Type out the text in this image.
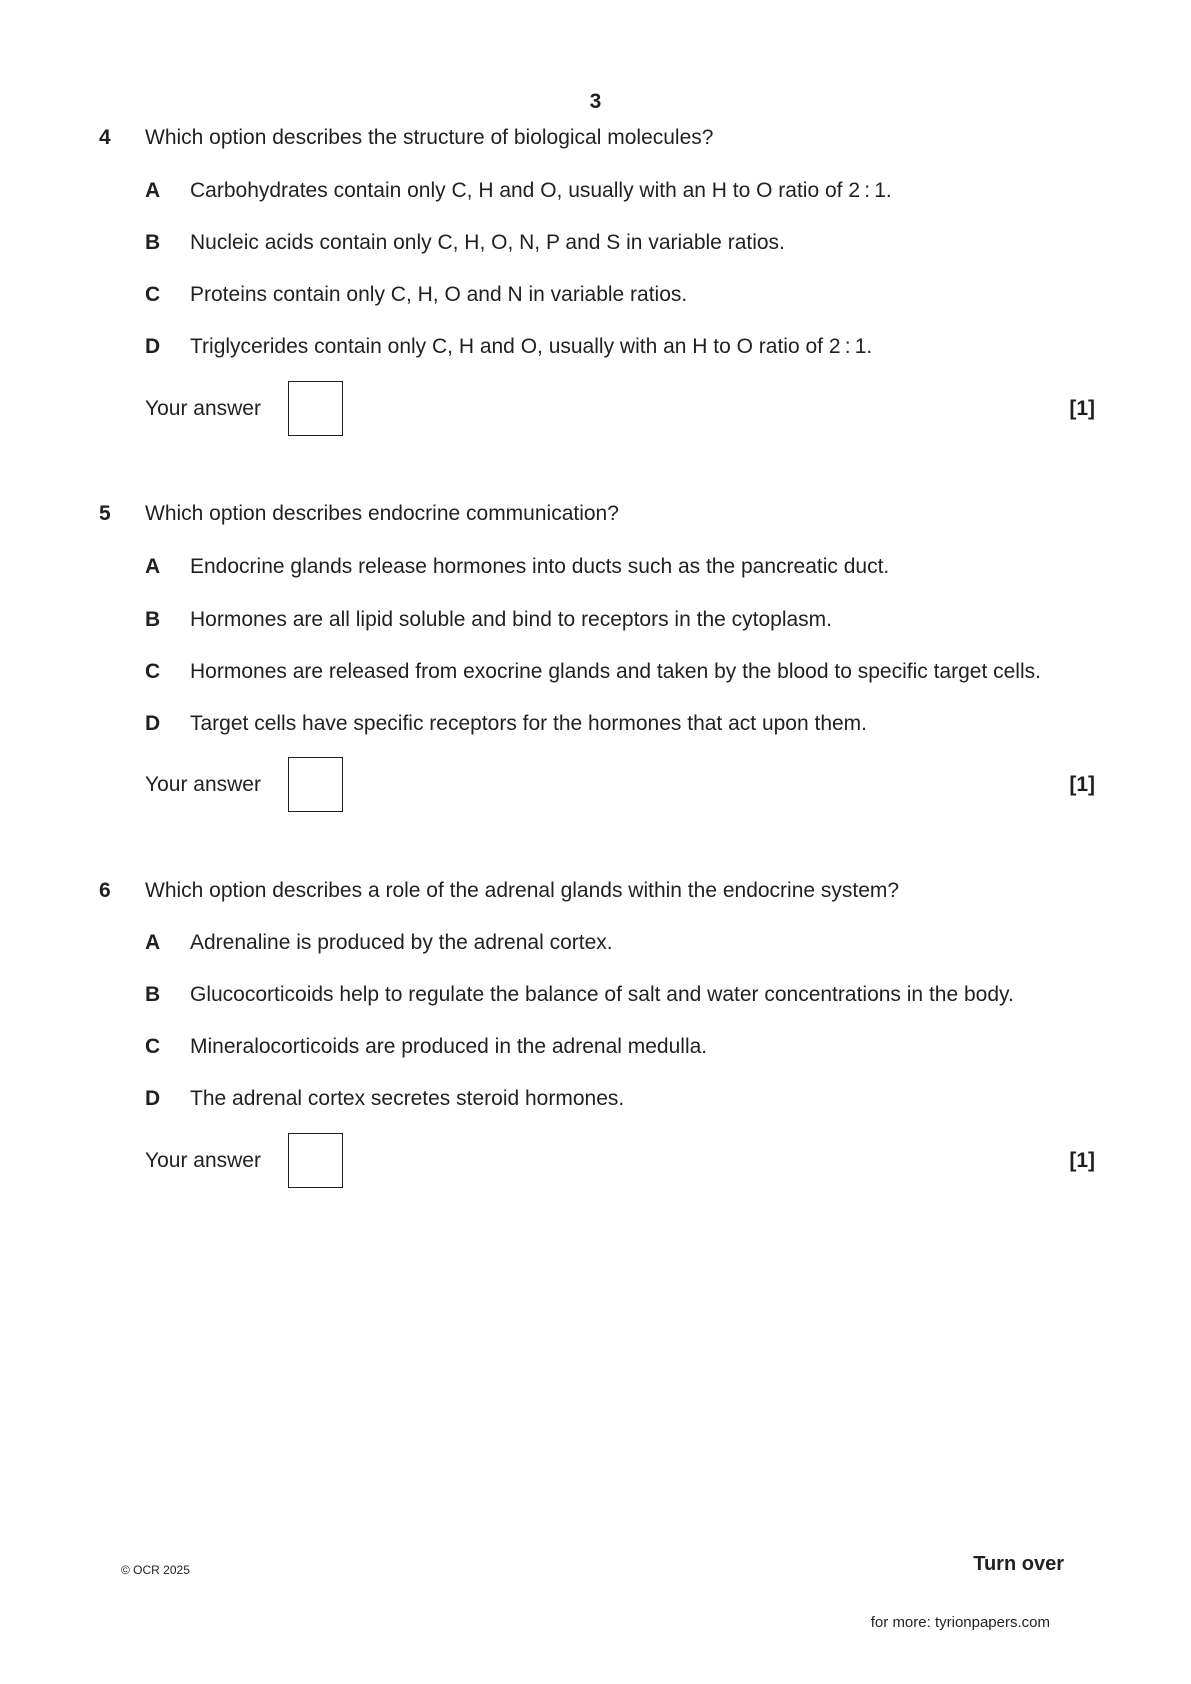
3
4 Which option describes the structure of biological molecules?
A Carbohydrates contain only C, H and O, usually with an H to O ratio of 2 : 1.
B Nucleic acids contain only C, H, O, N, P and S in variable ratios.
C Proteins contain only C, H, O and N in variable ratios.
D Triglycerides contain only C, H and O, usually with an H to O ratio of 2 : 1.
Your answer	[1]
5 Which option describes endocrine communication?
A Endocrine glands release hormones into ducts such as the pancreatic duct.
B Hormones are all lipid soluble and bind to receptors in the cytoplasm.
C Hormones are released from exocrine glands and taken by the blood to specific target cells.
D Target cells have specific receptors for the hormones that act upon them.
Your answer	[1]
6 Which option describes a role of the adrenal glands within the endocrine system?
A Adrenaline is produced by the adrenal cortex.
B Glucocorticoids help to regulate the balance of salt and water concentrations in the body.
C Mineralocorticoids are produced in the adrenal medulla.
D The adrenal cortex secretes steroid hormones.
Your answer	[1]
© OCR 2025	Turn over
for more: tyrionpapers.com
